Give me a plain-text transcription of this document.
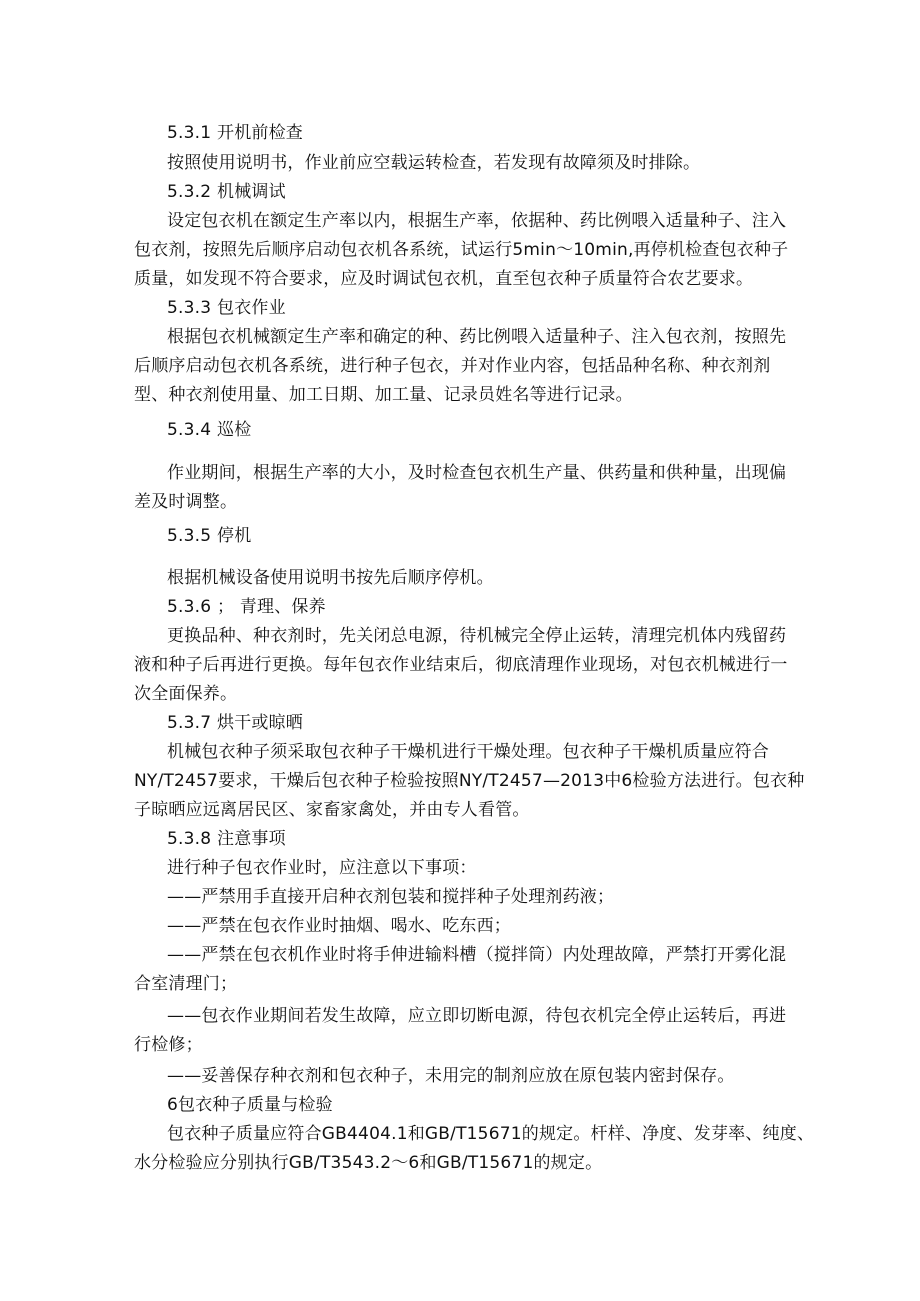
5.3.1 开机前检查
按照使用说明书，作业前应空载运转检查，若发现有故障须及时排除。
5.3.2 机械调试
设定包衣机在额定生产率以内，根据生产率，依据种、药比例喂入适量种子、注入
包衣剂，按照先后顺序启动包衣机各系统，试运行5min～10min,再停机检查包衣种子
质量，如发现不符合要求，应及时调试包衣机，直至包衣种子质量符合农艺要求。
5.3.3 包衣作业
根据包衣机械额定生产率和确定的种、药比例喂入适量种子、注入包衣剂，按照先
后顺序启动包衣机各系统，进行种子包衣，并对作业内容，包括品种名称、种衣剂剂
型、种衣剂使用量、加工日期、加工量、记录员姓名等进行记录。
5.3.4 巡检
作业期间，根据生产率的大小，及时检查包衣机生产量、供药量和供种量，出现偏
差及时调整。
5.3.5 停机
根据机械设备使用说明书按先后顺序停机。
5.3.6 ； 青理、保养
更换品种、种衣剂时，先关闭总电源，待机械完全停止运转，清理完机体内残留药
液和种子后再进行更换。每年包衣作业结束后，彻底清理作业现场，对包衣机械进行一
次全面保养。
5.3.7 烘干或晾晒
机械包衣种子须采取包衣种子干燥机进行干燥处理。包衣种子干燥机质量应符合
NY/T2457要求，干燥后包衣种子检验按照NY/T2457—2013中6检验方法进行。包衣种
子晾晒应远离居民区、家畜家禽处，并由专人看管。
5.3.8 注意事项
进行种子包衣作业时，应注意以下事项：
——严禁用手直接开启种衣剂包装和搅拌种子处理剂药液；
——严禁在包衣作业时抽烟、喝水、吃东西；
——严禁在包衣机作业时将手伸进输料槽（搅拌筒）内处理故障，严禁打开雾化混
合室清理门；
——包衣作业期间若发生故障，应立即切断电源，待包衣机完全停止运转后，再进
行检修；
——妥善保存种衣剂和包衣种子，未用完的制剂应放在原包装内密封保存。
6包衣种子质量与检验
包衣种子质量应符合GB4404.1和GB/T15671的规定。杆样、净度、发芽率、纯度、
水分检验应分别执行GB/T3543.2～6和GB/T15671的规定。
